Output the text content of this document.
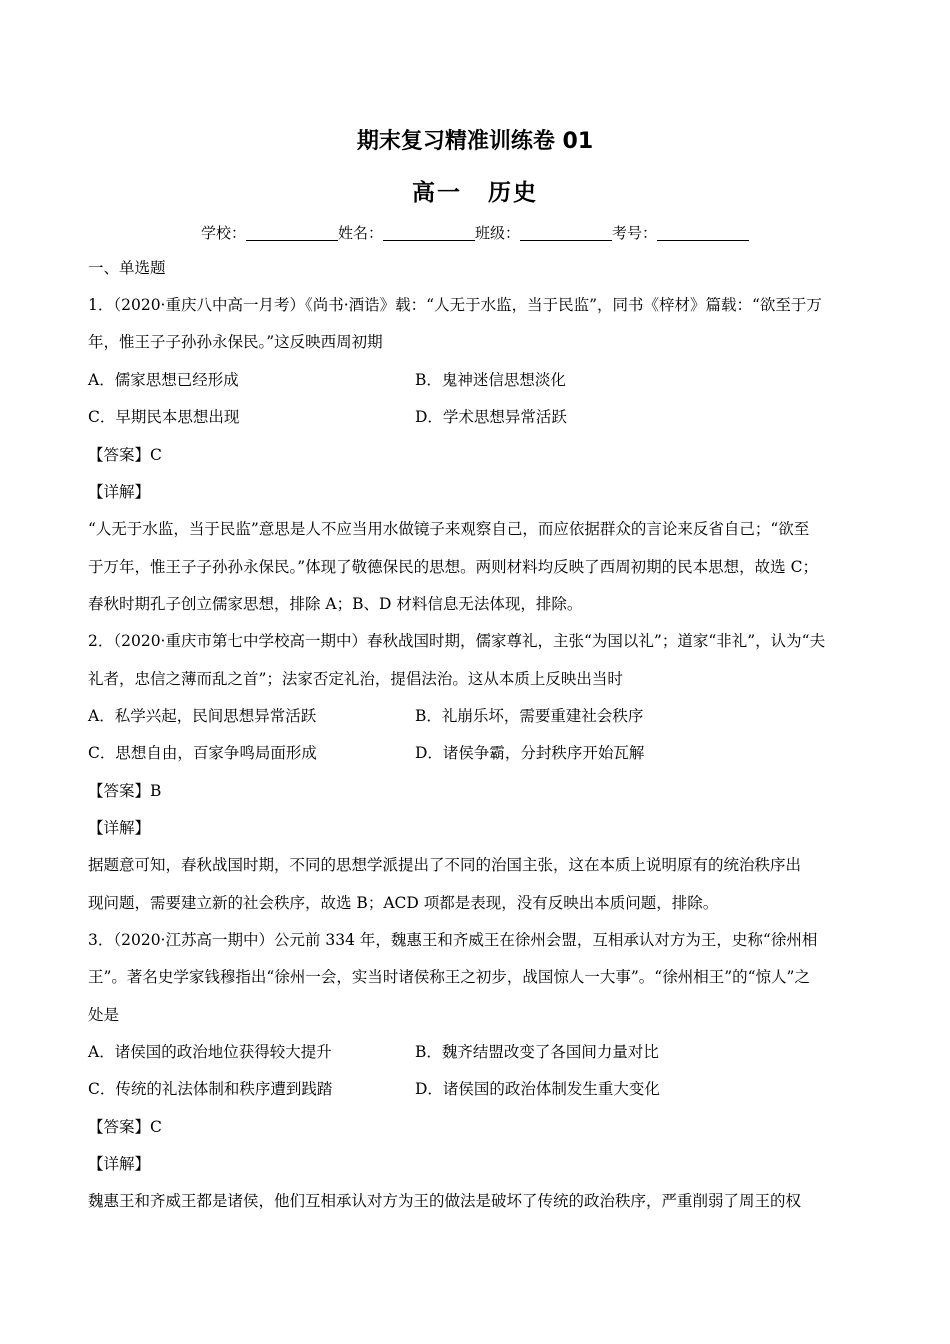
期末复习精准训练卷 01
高一 历史
学校：	姓名：	班级：	考号：
一、单选题
1．（2020·重庆八中高一月考）《尚书·酒诰》载：“人无于水监，当于民监”，同书《梓材》篇载：“欲至于万
年，惟王子子孙孙永保民。”这反映西周初期
A．儒家思想已经形成	B．鬼神迷信思想淡化
C．早期民本思想出现	D．学术思想异常活跃
【答案】C
【详解】
“人无于水监，当于民监”意思是人不应当用水做镜子来观察自己，而应依据群众的言论来反省自己；“欲至
于万年，惟王子子孙孙永保民。”体现了敬德保民的思想。两则材料均反映了西周初期的民本思想，故选 C；
春秋时期孔子创立儒家思想，排除 A；B、D 材料信息无法体现，排除。
2．（2020·重庆市第七中学校高一期中）春秋战国时期，儒家尊礼，主张“为国以礼”；道家“非礼”，认为“夫
礼者，忠信之薄而乱之首”；法家否定礼治，提倡法治。这从本质上反映出当时
A．私学兴起，民间思想异常活跃	B．礼崩乐坏，需要重建社会秩序
C．思想自由，百家争鸣局面形成	D．诸侯争霸，分封秩序开始瓦解
【答案】B
【详解】
据题意可知，春秋战国时期，不同的思想学派提出了不同的治国主张，这在本质上说明原有的统治秩序出
现问题，需要建立新的社会秩序，故选 B；ACD 项都是表现，没有反映出本质问题，排除。
3．（2020·江苏高一期中）公元前 334 年，魏惠王和齐威王在徐州会盟，互相承认对方为王，史称“徐州相
王”。著名史学家钱穆指出“徐州一会，实当时诸侯称王之初步，战国惊人一大事”。“徐州相王”的“惊人”之
处是
A．诸侯国的政治地位获得较大提升	B．魏齐结盟改变了各国间力量对比
C．传统的礼法体制和秩序遭到践踏	D．诸侯国的政治体制发生重大变化
【答案】C
【详解】
魏惠王和齐威王都是诸侯，他们互相承认对方为王的做法是破坏了传统的政治秩序，严重削弱了周王的权
